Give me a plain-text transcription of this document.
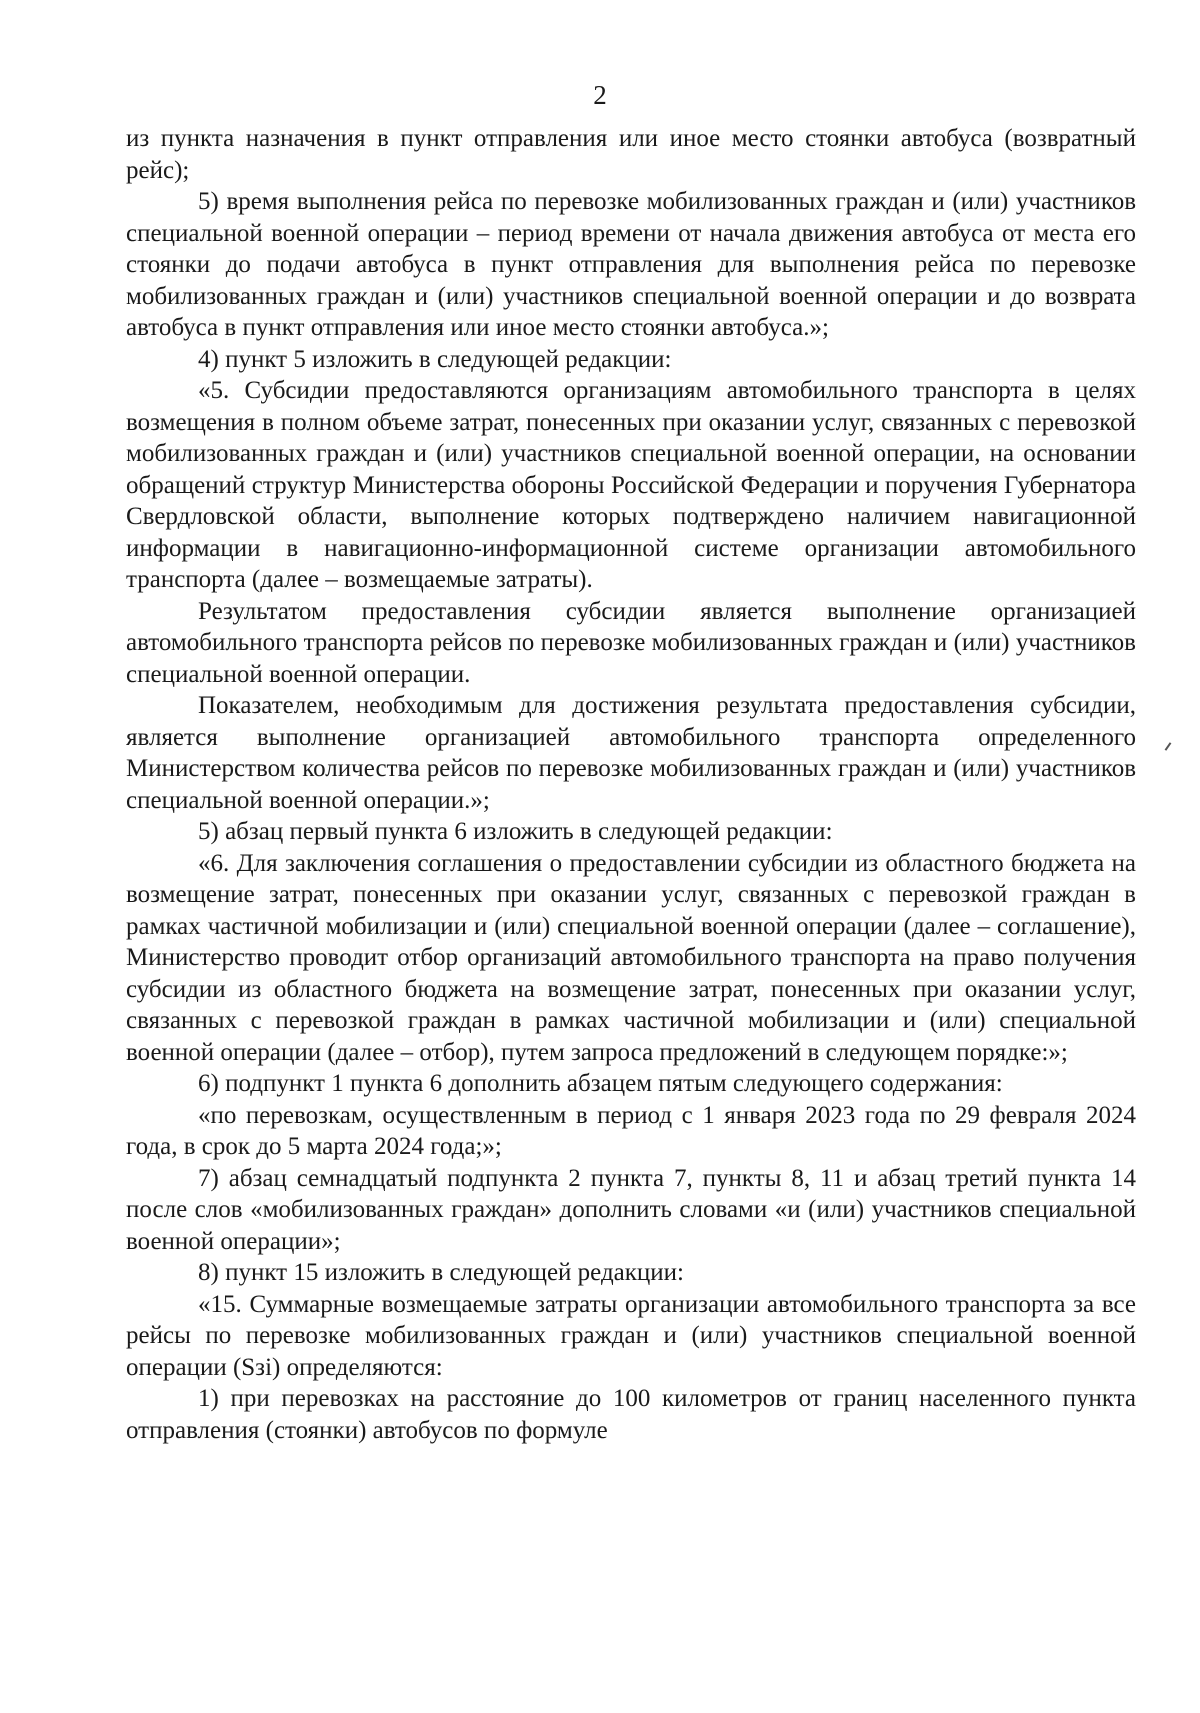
2

из пункта назначения в пункт отправления или иное место стоянки автобуса (возвратный рейс);

5) время выполнения рейса по перевозке мобилизованных граждан и (или) участников специальной военной операции – период времени от начала движения автобуса от места его стоянки до подачи автобуса в пункт отправления для выполнения рейса по перевозке мобилизованных граждан и (или) участников специальной военной операции и до возврата автобуса в пункт отправления или иное место стоянки автобуса.»;

4) пункт 5 изложить в следующей редакции:

«5. Субсидии предоставляются организациям автомобильного транспорта в целях возмещения в полном объеме затрат, понесенных при оказании услуг, связанных с перевозкой мобилизованных граждан и (или) участников специальной военной операции, на основании обращений структур Министерства обороны Российской Федерации и поручения Губернатора Свердловской области, выполнение которых подтверждено наличием навигационной информации в навигационно-информационной системе организации автомобильного транспорта (далее – возмещаемые затраты).

Результатом предоставления субсидии является выполнение организацией автомобильного транспорта рейсов по перевозке мобилизованных граждан и (или) участников специальной военной операции.

Показателем, необходимым для достижения результата предоставления субсидии, является выполнение организацией автомобильного транспорта определенного Министерством количества рейсов по перевозке мобилизованных граждан и (или) участников специальной военной операции.»;

5) абзац первый пункта 6 изложить в следующей редакции:

«6. Для заключения соглашения о предоставлении субсидии из областного бюджета на возмещение затрат, понесенных при оказании услуг, связанных с перевозкой граждан в рамках частичной мобилизации и (или) специальной военной операции (далее – соглашение), Министерство проводит отбор организаций автомобильного транспорта на право получения субсидии из областного бюджета на возмещение затрат, понесенных при оказании услуг, связанных с перевозкой граждан в рамках частичной мобилизации и (или) специальной военной операции (далее – отбор), путем запроса предложений в следующем порядке:»;

6) подпункт 1 пункта 6 дополнить абзацем пятым следующего содержания:

«по перевозкам, осуществленным в период с 1 января 2023 года по 29 февраля 2024 года, в срок до 5 марта 2024 года;»;

7) абзац семнадцатый подпункта 2 пункта 7, пункты 8, 11 и абзац третий пункта 14 после слов «мобилизованных граждан» дополнить словами «и (или) участников специальной военной операции»;

8) пункт 15 изложить в следующей редакции:

«15. Суммарные возмещаемые затраты организации автомобильного транспорта за все рейсы по перевозке мобилизованных граждан и (или) участников специальной военной операции (Sзi) определяются:

1) при перевозках на расстояние до 100 километров от границ населенного пункта отправления (стоянки) автобусов по формуле
